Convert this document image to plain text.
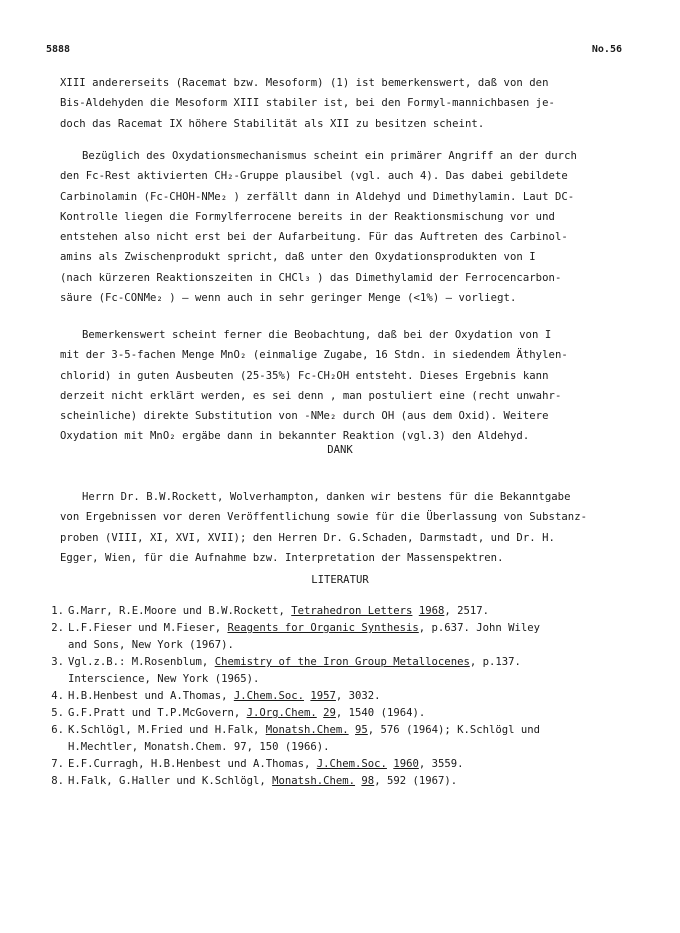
5888	No.56
XIII andererseits (Racemat bzw. Mesoform) (1) ist bemerkenswert, daß von den
Bis-Aldehyden die Mesoform XIII stabiler ist, bei den Formyl-mannichbasen je-
doch das Racemat IX höhere Stabilität als XII zu besitzen scheint.
Bezüglich des Oxydationsmechanismus scheint ein primärer Angriff an der durch
den Fc-Rest aktivierten CH₂-Gruppe plausibel (vgl. auch 4). Das dabei gebildete
Carbinolamin (Fc-CHOH-NMe₂ ) zerfällt dann in Aldehyd und Dimethylamin. Laut DC-
Kontrolle liegen die Formylferrocene bereits in der Reaktionsmischung vor und
entstehen also nicht erst bei der Aufarbeitung. Für das Auftreten des Carbinol-
amins als Zwischenprodukt spricht, daß unter den Oxydationsprodukten von I
(nach kürzeren Reaktionszeiten in CHCl₃ ) das Dimethylamid der Ferrocencarbon-
säure (Fc-CONMe₂ ) — wenn auch in sehr geringer Menge (<1%) — vorliegt.
Bemerkenswert scheint ferner die Beobachtung, daß bei der Oxydation von I
mit der 3-5-fachen Menge MnO₂ (einmalige Zugabe, 16 Stdn. in siedendem Äthylen-
chlorid) in guten Ausbeuten (25-35%) Fc-CH₂OH entsteht. Dieses Ergebnis kann
derzeit nicht erklärt werden, es sei denn , man postuliert eine (recht unwahr-
scheinliche) direkte Substitution von -NMe₂ durch OH (aus dem Oxid). Weitere
Oxydation mit MnO₂ ergäbe dann in bekannter Reaktion (vgl.3) den Aldehyd.
DANK
Herrn Dr. B.W.Rockett, Wolverhampton, danken wir bestens für die Bekanntgabe
von Ergebnissen vor deren Veröffentlichung sowie für die Überlassung von Substanz-
proben (VIII, XI, XVI, XVII); den Herren Dr. G.Schaden, Darmstadt, und Dr. H.
Egger, Wien, für die Aufnahme bzw. Interpretation der Massenspektren.
LITERATUR
1. G.Marr, R.E.Moore und B.W.Rockett, Tetrahedron Letters 1968, 2517.
2. L.F.Fieser und M.Fieser, Reagents for Organic Synthesis, p.637. John Wiley
and Sons, New York (1967).
3. Vgl.z.B.: M.Rosenblum, Chemistry of the Iron Group Metallocenes, p.137.
Interscience, New York (1965).
4. H.B.Henbest und A.Thomas, J.Chem.Soc. 1957, 3032.
5. G.F.Pratt und T.P.McGovern, J.Org.Chem. 29, 1540 (1964).
6. K.Schlögl, M.Fried und H.Falk, Monatsh.Chem. 95, 576 (1964); K.Schlögl und
H.Mechtler, Monatsh.Chem. 97, 150 (1966).
7. E.F.Curragh, H.B.Henbest und A.Thomas, J.Chem.Soc. 1960, 3559.
8. H.Falk, G.Haller und K.Schlögl, Monatsh.Chem. 98, 592 (1967).
